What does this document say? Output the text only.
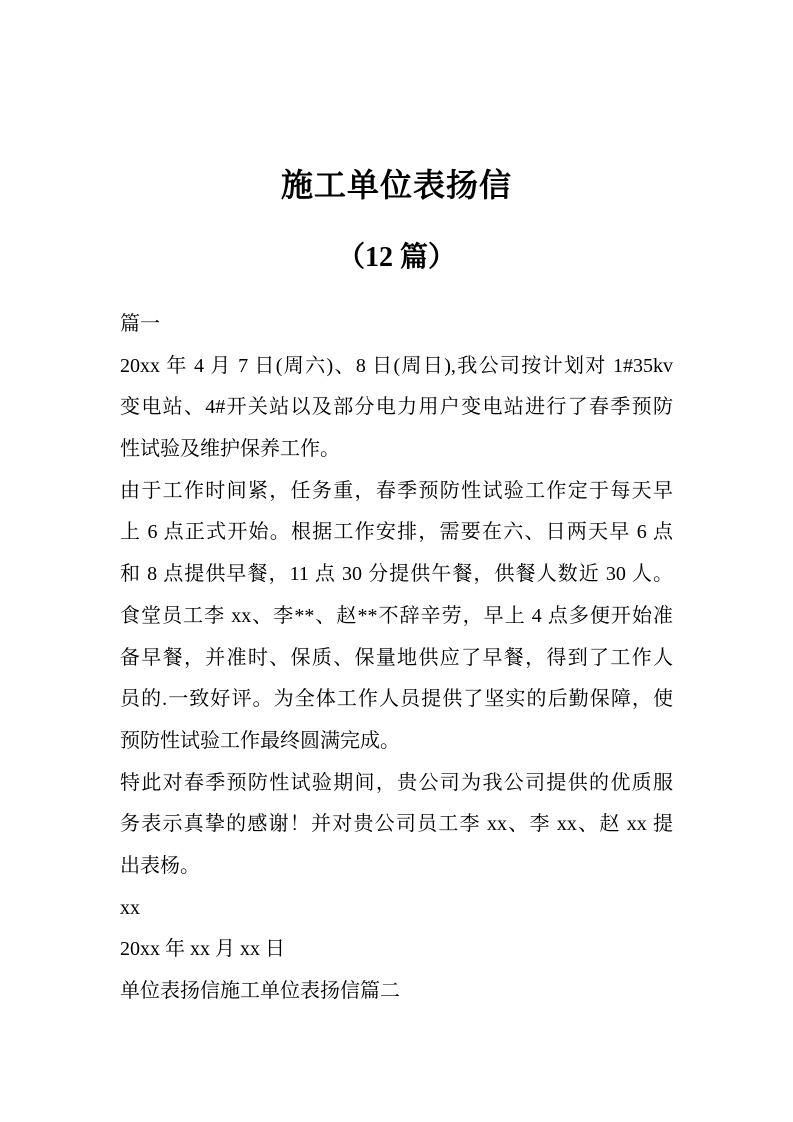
施工单位表扬信
（12 篇）
篇一
20xx 年 4 月 7 日(周六)、8 日(周日),我公司按计划对 1#35kv
变电站、4#开关站以及部分电力用户变电站进行了春季预防
性试验及维护保养工作。
由于工作时间紧，任务重，春季预防性试验工作定于每天早
上 6 点正式开始。根据工作安排，需要在六、日两天早 6 点
和 8 点提供早餐，11 点 30 分提供午餐，供餐人数近 30 人。
食堂员工李 xx、李**、赵**不辞辛劳，早上 4 点多便开始准
备早餐，并准时、保质、保量地供应了早餐，得到了工作人
员的.一致好评。为全体工作人员提供了坚实的后勤保障，使
预防性试验工作最终圆满完成。
特此对春季预防性试验期间，贵公司为我公司提供的优质服
务表示真挚的感谢！并对贵公司员工李 xx、李 xx、赵 xx 提
出表杨。
xx
20xx 年 xx 月 xx 日
单位表扬信施工单位表扬信篇二
